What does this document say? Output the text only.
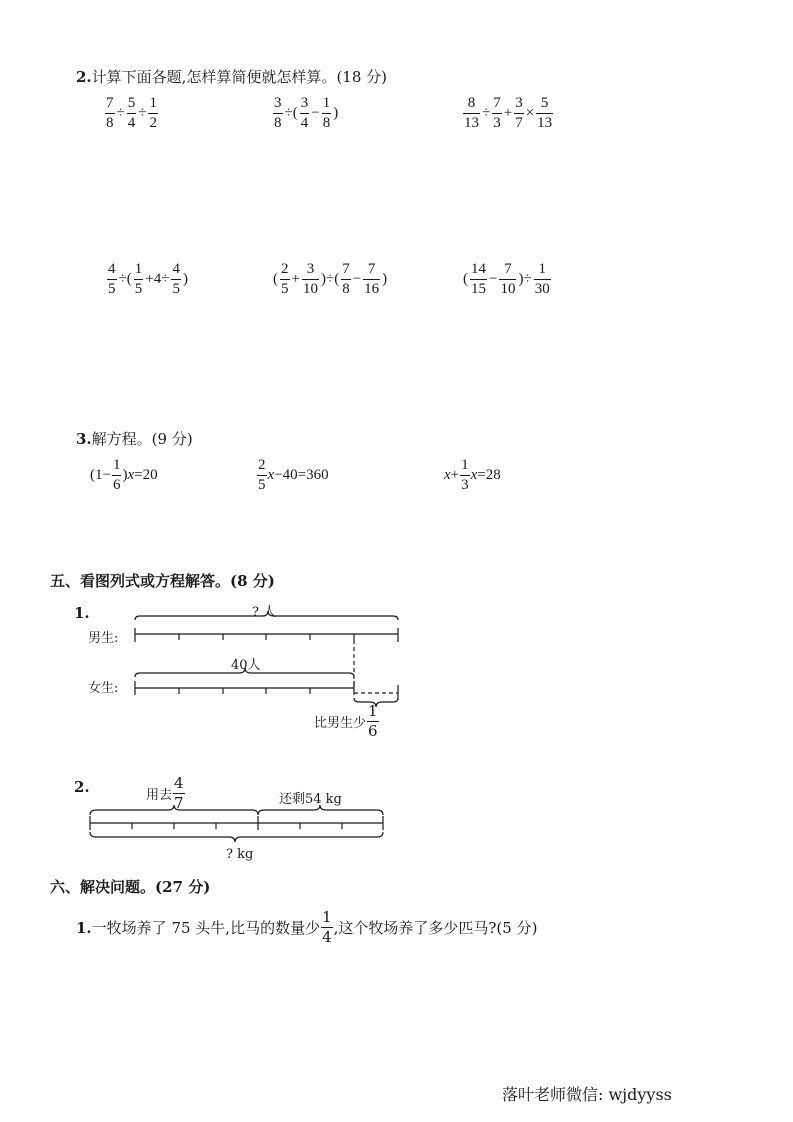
2.计算下面各题,怎样算简便就怎样算。(18 分)
$\frac{7}{8} \div \frac{5}{4} \div \frac{1}{2}$	$\frac{3}{8}$ ÷( $\frac{3}{4} - \frac{1}{8}$ )	$\frac{8}{13} \div \frac{7}{3} + \frac{3}{7} \times \frac{5}{13}$
$\frac{4}{5}$ ÷( $\frac{1}{5} +4\div \frac{4}{5}$ )	( $\frac{2}{5} + \frac{3}{10}$ )÷( $\frac{7}{8} - \frac{7}{16}$ )	( $\frac{14}{15} - \frac{7}{10}$ )÷ $\frac{1}{30}$
3.解方程。(9 分)
($1- \frac{1}{6}$ ) x =20	$\frac{2}{5}$ x −40=360	$x + \frac{1}{3}$ x =28
五、看图列式或方程解答。(8 分)
1.
男生:
女生:
? 人
40人
比男生少 $\frac{1}{6}$
2.	用去 $\frac{4}{7}$	还剩54 kg
? kg
六、解决问题。(27 分)
1. 一牧场养了 75 头牛,比马的数量少 $\frac{1}{4}$ ,这个牧场养了多少匹马?(5 分)
落叶老师微信: wjdyyss
